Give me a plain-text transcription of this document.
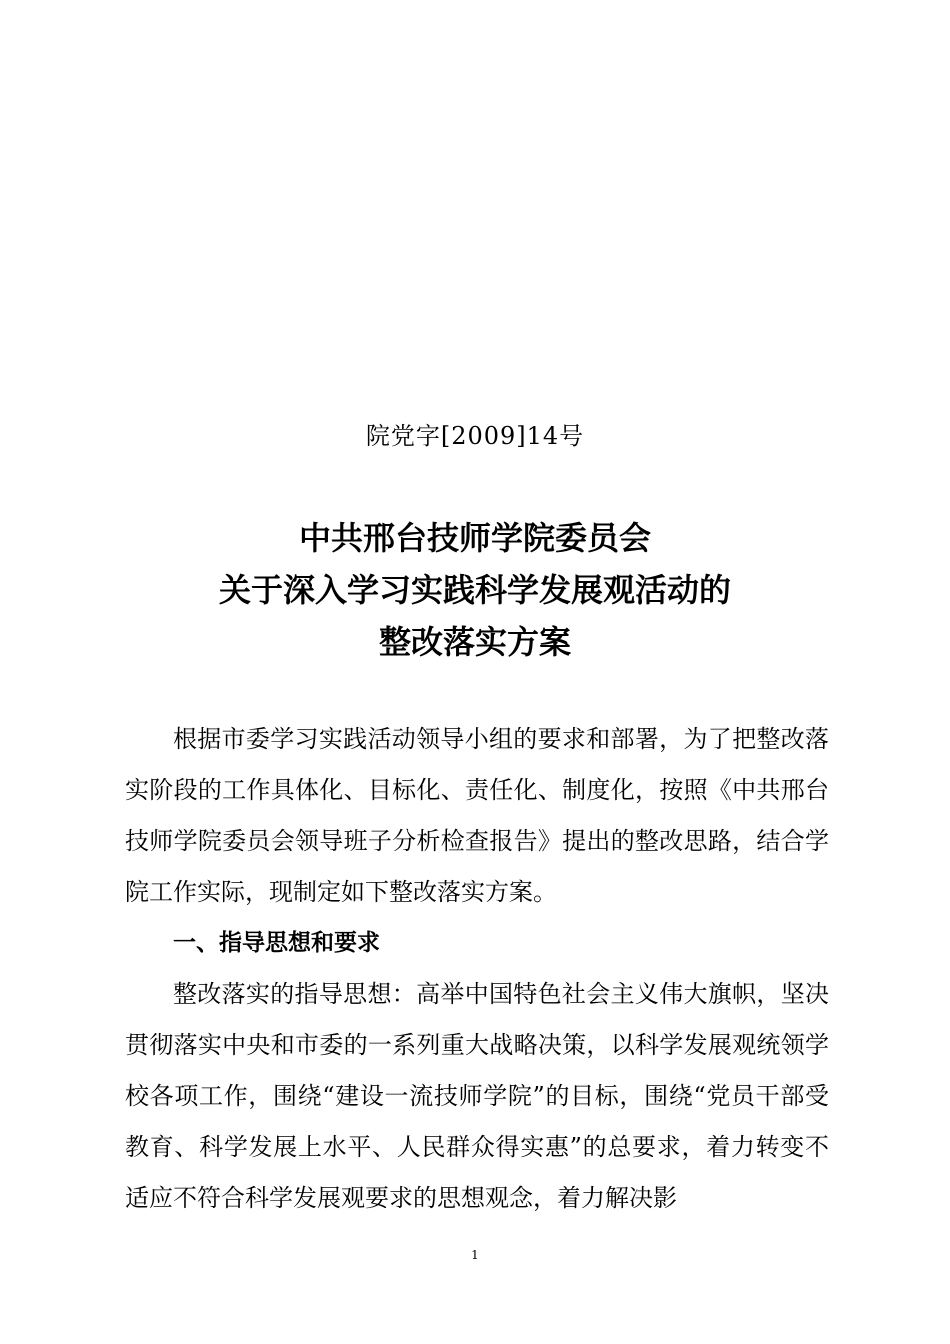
院党字[2009]14号
中共邢台技师学院委员会
关于深入学习实践科学发展观活动的
整改落实方案

根据市委学习实践活动领导小组的要求和部署，为了把整改落实阶段的工作具体化、目标化、责任化、制度化，按照《中共邢台技师学院委员会领导班子分析检查报告》提出的整改思路，结合学院工作实际，现制定如下整改落实方案。

一、指导思想和要求

整改落实的指导思想：高举中国特色社会主义伟大旗帜，坚决贯彻落实中央和市委的一系列重大战略决策，以科学发展观统领学校各项工作，围绕“建设一流技师学院”的目标，围绕“党员干部受教育、科学发展上水平、人民群众得实惠”的总要求，着力转变不适应不符合科学发展观要求的思想观念，着力解决影

1
